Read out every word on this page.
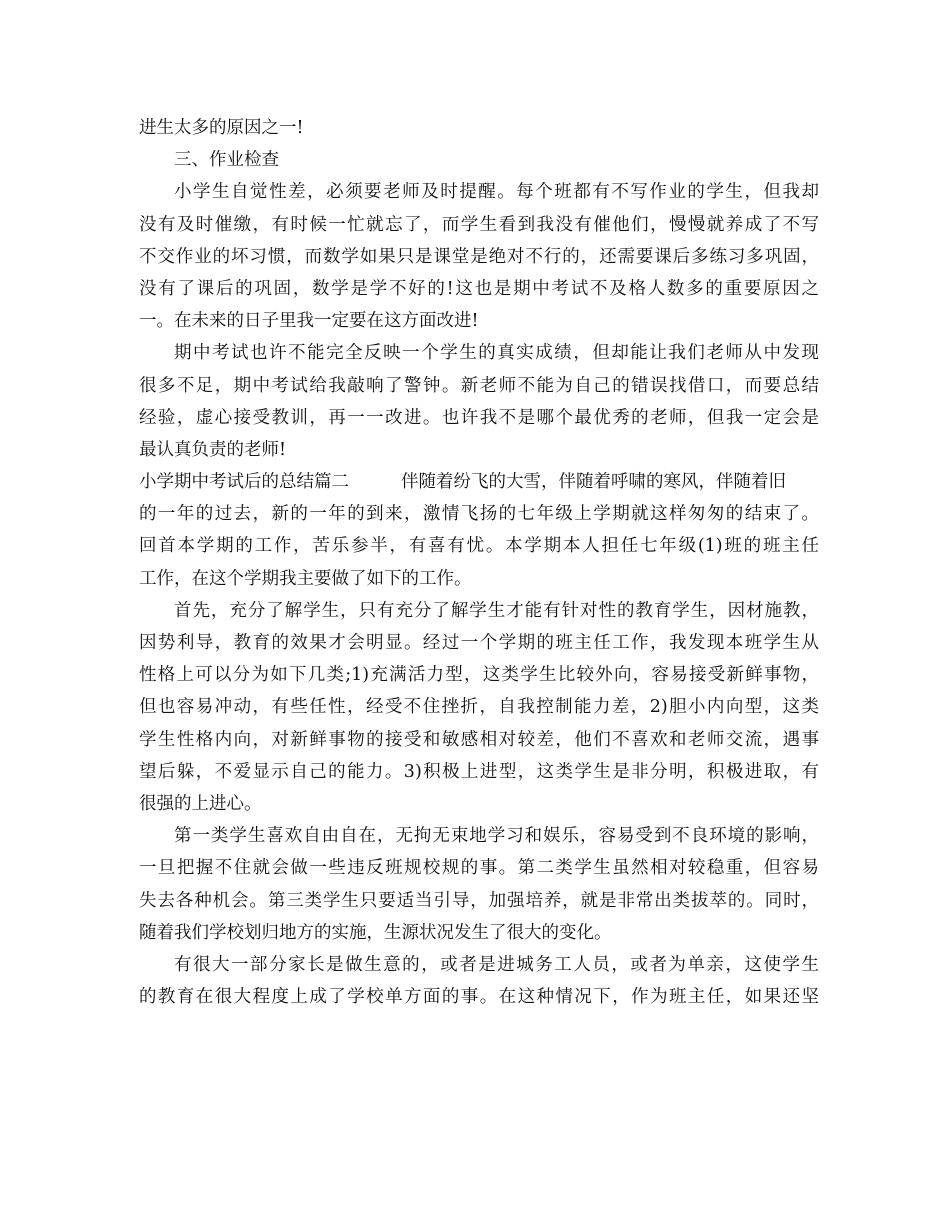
进生太多的原因之一!
三、作业检查
小学生自觉性差，必须要老师及时提醒。每个班都有不写作业的学生，但我却
没有及时催缴，有时候一忙就忘了，而学生看到我没有催他们，慢慢就养成了不写
不交作业的坏习惯，而数学如果只是课堂是绝对不行的，还需要课后多练习多巩固，
没有了课后的巩固，数学是学不好的!这也是期中考试不及格人数多的重要原因之
一。在未来的日子里我一定要在这方面改进!
期中考试也许不能完全反映一个学生的真实成绩，但却能让我们老师从中发现
很多不足，期中考试给我敲响了警钟。新老师不能为自己的错误找借口，而要总结
经验，虚心接受教训，再一一改进。也许我不是哪个最优秀的老师，但我一定会是
最认真负责的老师!
小学期中考试后的总结篇二	伴随着纷飞的大雪，伴随着呼啸的寒风，伴随着旧
的一年的过去，新的一年的到来，激情飞扬的七年级上学期就这样匆匆的结束了。
回首本学期的工作，苦乐参半，有喜有忧。本学期本人担任七年级(1)班的班主任
工作，在这个学期我主要做了如下的工作。
首先，充分了解学生，只有充分了解学生才能有针对性的教育学生，因材施教，
因势利导，教育的效果才会明显。经过一个学期的班主任工作，我发现本班学生从
性格上可以分为如下几类;1)充满活力型，这类学生比较外向，容易接受新鲜事物，
但也容易冲动，有些任性，经受不住挫折，自我控制能力差，2)胆小内向型，这类
学生性格内向，对新鲜事物的接受和敏感相对较差，他们不喜欢和老师交流，遇事
望后躲，不爱显示自己的能力。3)积极上进型，这类学生是非分明，积极进取，有
很强的上进心。
第一类学生喜欢自由自在，无拘无束地学习和娱乐，容易受到不良环境的影响，
一旦把握不住就会做一些违反班规校规的事。第二类学生虽然相对较稳重，但容易
失去各种机会。第三类学生只要适当引导，加强培养，就是非常出类拔萃的。同时，
随着我们学校划归地方的实施，生源状况发生了很大的变化。
有很大一部分家长是做生意的，或者是进城务工人员，或者为单亲，这使学生
的教育在很大程度上成了学校单方面的事。在这种情况下，作为班主任，如果还坚
